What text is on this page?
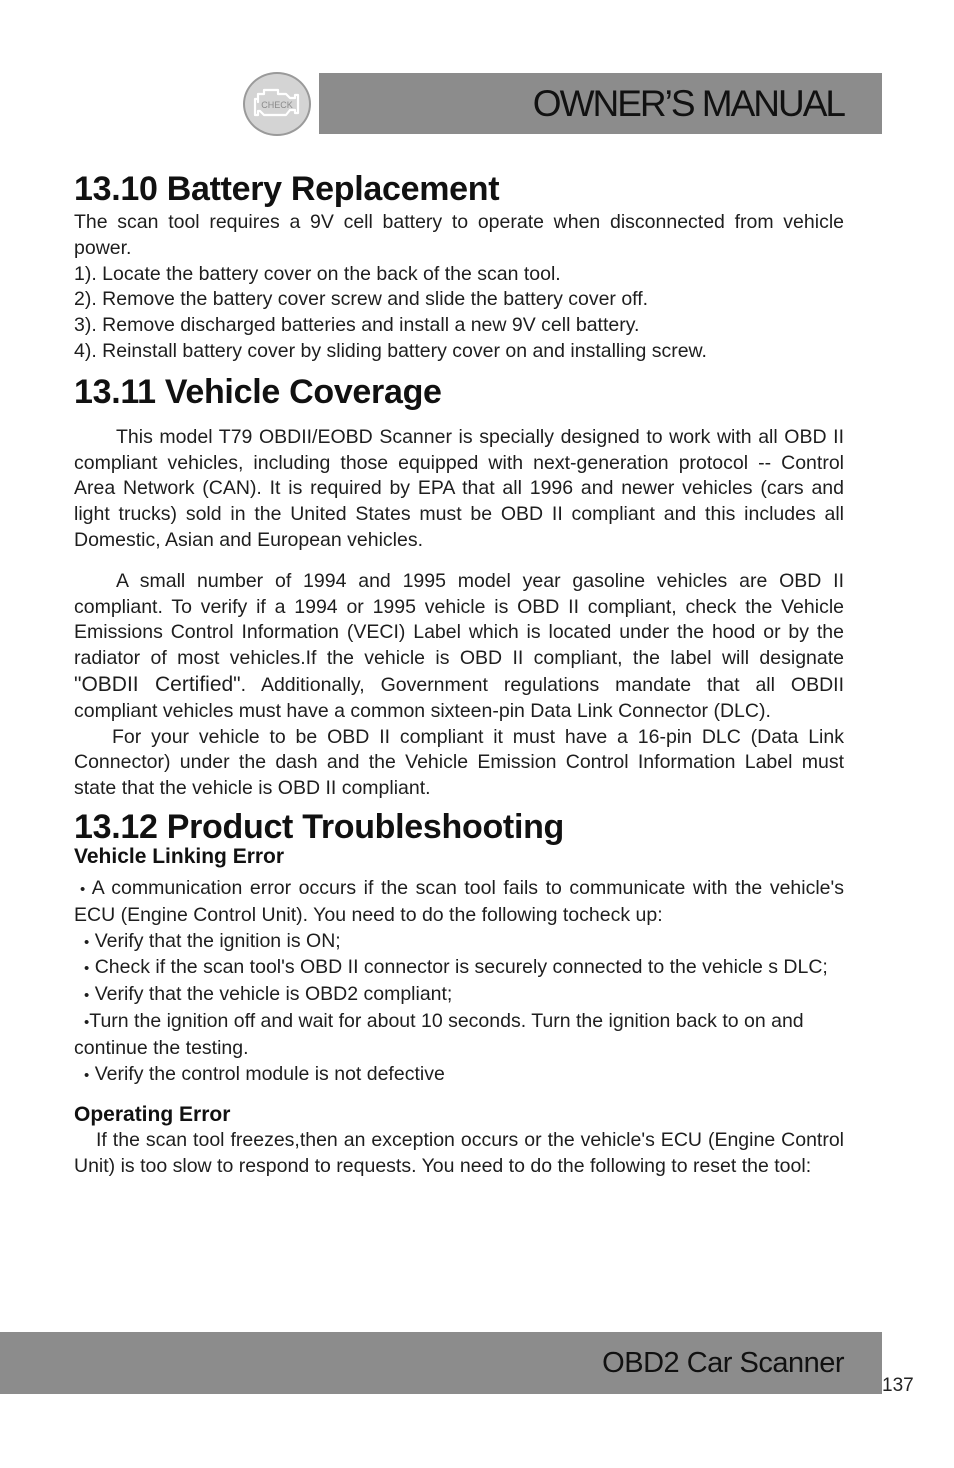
CHECK	OWNER’S MANUAL
13.10 Battery Replacement

The scan tool requires a 9V cell battery to operate when disconnected from vehicle power.

1). Locate the battery cover on the back of the scan tool.

2). Remove the battery cover screw and slide the battery cover off.

3). Remove discharged batteries and install a new 9V cell battery.

4). Reinstall battery cover by sliding battery cover on and installing screw.

13.11 Vehicle Coverage

This model T79 OBDII/EOBD Scanner is specially designed to work with all OBD II compliant vehicles, including those equipped with next-generation protocol -- Control Area Network (CAN). It is required by EPA that all 1996 and newer vehicles (cars and light trucks) sold in the United States must be OBD II compliant and this includes all Domestic, Asian and European vehicles.

A small number of 1994 and 1995 model year gasoline vehicles are OBD II compliant. To verify if a 1994 or 1995 vehicle is OBD II compliant, check the Vehicle Emissions Control Information (VECI) Label which is located under the hood or by the radiator of most vehicles.If the vehicle is OBD II compliant, the label will designate "OBDII Certified". Additionally, Government regulations mandate that all OBDII compliant vehicles must have a common sixteen-pin Data Link Connector (DLC).

For your vehicle to be OBD II compliant it must have a 16-pin DLC (Data Link Connector) under the dash and the Vehicle Emission Control Information Label must state that the vehicle is OBD II compliant.

13.12 Product Troubleshooting
Vehicle Linking Error

• A communication error occurs if the scan tool fails to communicate with the vehicle's ECU (Engine Control Unit). You need to do the following tocheck up:

• Verify that the ignition is ON;

• Check if the scan tool's OBD II connector is securely connected to the vehicle s DLC;

• Verify that the vehicle is OBD2 compliant;

•Turn the ignition off and wait for about 10 seconds. Turn the ignition back to on and continue the testing.

• Verify the control module is not defective

Operating Error

If the scan tool freezes,then an exception occurs or the vehicle's ECU (Engine Control Unit) is too slow to respond to requests. You need to do the following to reset the tool:

OBD2 Car Scanner
137
